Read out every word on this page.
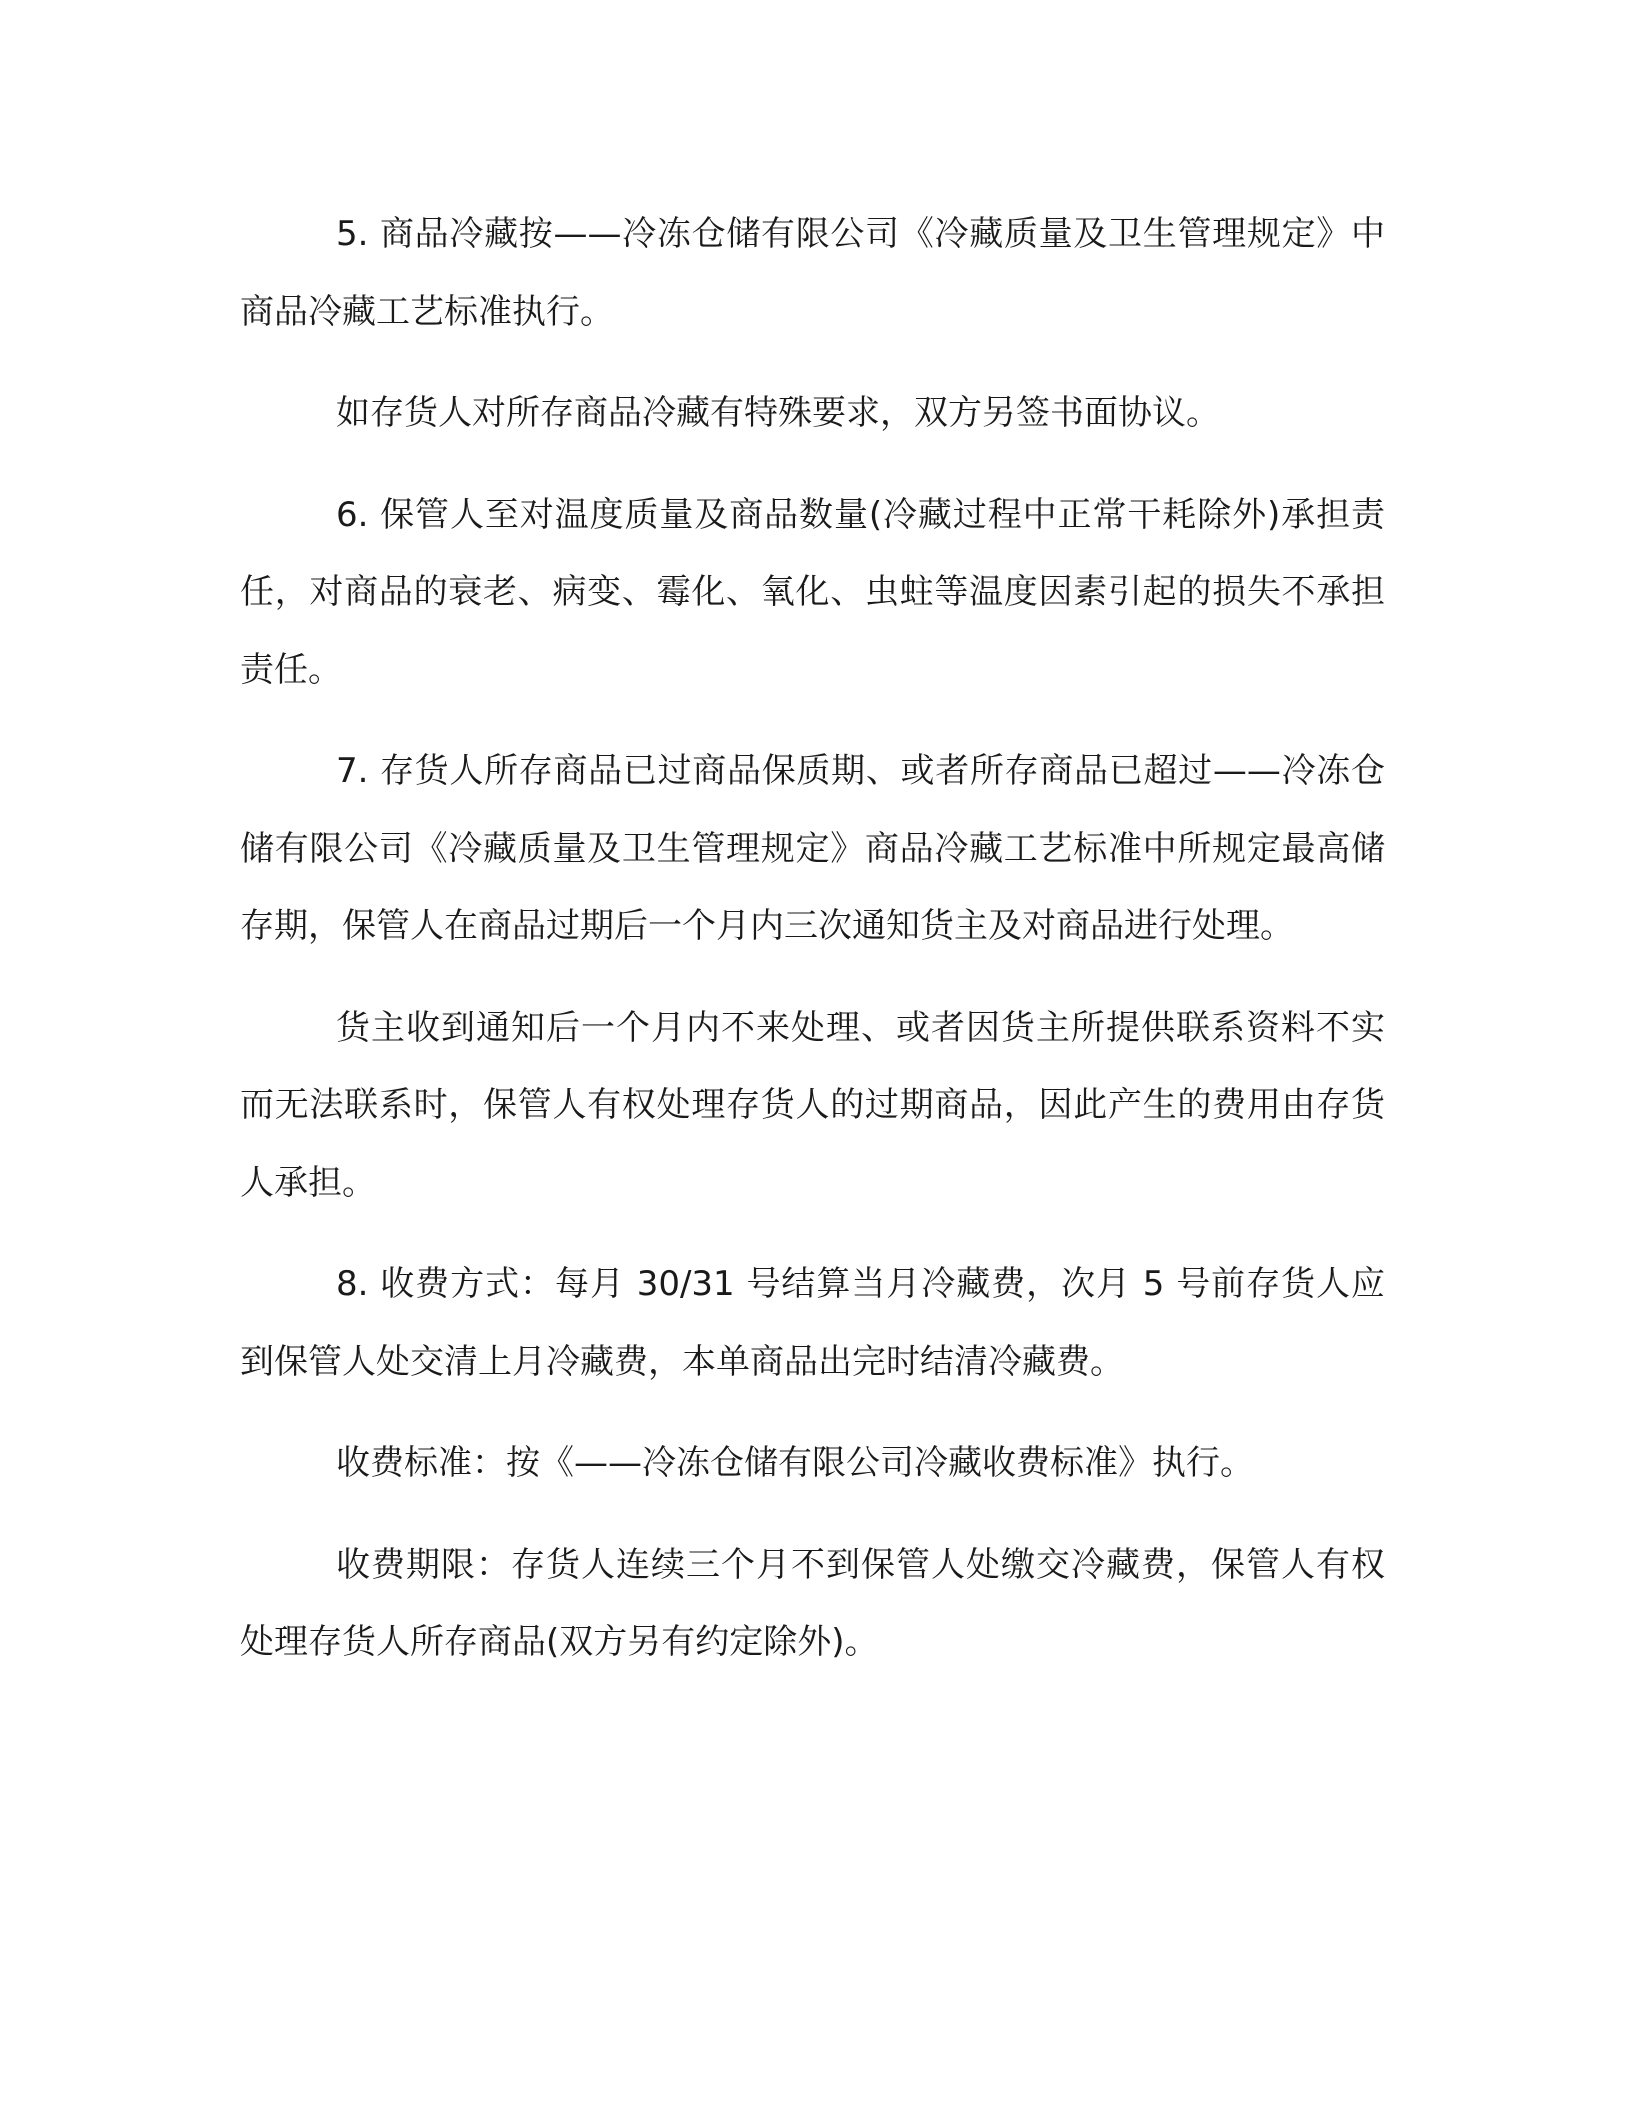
5. 商品冷藏按——冷冻仓储有限公司《冷藏质量及卫生管理规定》中商品冷藏工艺标准执行。

如存货人对所存商品冷藏有特殊要求，双方另签书面协议。

6. 保管人至对温度质量及商品数量(冷藏过程中正常干耗除外)承担责任，对商品的衰老、病变、霉化、氧化、虫蛀等温度因素引起的损失不承担责任。

7. 存货人所存商品已过商品保质期、或者所存商品已超过——冷冻仓储有限公司《冷藏质量及卫生管理规定》商品冷藏工艺标准中所规定最高储存期，保管人在商品过期后一个月内三次通知货主及对商品进行处理。

货主收到通知后一个月内不来处理、或者因货主所提供联系资料不实而无法联系时，保管人有权处理存货人的过期商品，因此产生的费用由存货人承担。

8. 收费方式：每月 30/31 号结算当月冷藏费，次月 5 号前存货人应到保管人处交清上月冷藏费，本单商品出完时结清冷藏费。

收费标准：按《——冷冻仓储有限公司冷藏收费标准》执行。

收费期限：存货人连续三个月不到保管人处缴交冷藏费，保管人有权处理存货人所存商品(双方另有约定除外)。
